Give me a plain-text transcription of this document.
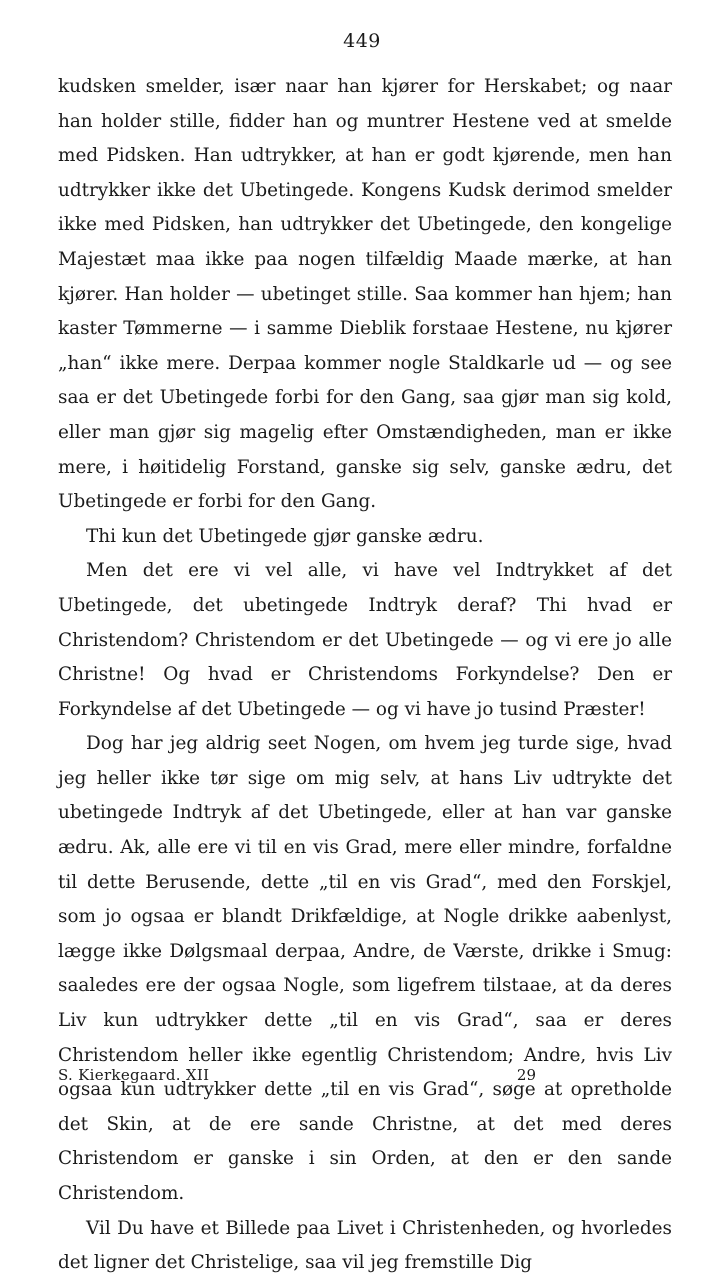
449

kudsken smelder, især naar han kjører for Herskabet; og naar han holder stille, fidder han og muntrer Hestene ved at smelde med Pidsken. Han udtrykker, at han er godt kjørende, men han udtrykker ikke det Ubetingede. Kongens Kudsk derimod smelder ikke med Pidsken, han udtrykker det Ubetingede, den kongelige Majestæt maa ikke paa nogen tilfældig Maade mærke, at han kjører. Han holder — ubetinget stille. Saa kommer han hjem; han kaster Tømmerne — i samme Dieblik forstaae Hestene, nu kjører „han“ ikke mere. Derpaa kommer nogle Staldkarle ud — og see saa er det Ubetingede forbi for den Gang, saa gjør man sig kold, eller man gjør sig magelig efter Omstændigheden, man er ikke mere, i høitidelig Forstand, ganske sig selv, ganske ædru, det Ubetingede er forbi for den Gang.

Thi kun det Ubetingede gjør ganske ædru.

Men det ere vi vel alle, vi have vel Indtrykket af det Ubetingede, det ubetingede Indtryk deraf? Thi hvad er Christendom? Christendom er det Ubetingede — og vi ere jo alle Christne! Og hvad er Christendoms Forkyndelse? Den er Forkyndelse af det Ubetingede — og vi have jo tusind Præster!

Dog har jeg aldrig seet Nogen, om hvem jeg turde sige, hvad jeg heller ikke tør sige om mig selv, at hans Liv udtrykte det ubetingede Indtryk af det Ubetingede, eller at han var ganske ædru. Ak, alle ere vi til en vis Grad, mere eller mindre, forfaldne til dette Berusende, dette „til en vis Grad“, med den Forskjel, som jo ogsaa er blandt Drikfældige, at Nogle drikke aabenlyst, lægge ikke Dølgsmaal derpaa, Andre, de Værste, drikke i Smug: saaledes ere der ogsaa Nogle, som ligefrem tilstaae, at da deres Liv kun udtrykker dette „til en vis Grad“, saa er deres Christendom heller ikke egentlig Christendom; Andre, hvis Liv ogsaa kun udtrykker dette „til en vis Grad“, søge at opretholde det Skin, at de ere sande Christne, at det med deres Christendom er ganske i sin Orden, at den er den sande Christendom.

Vil Du have et Billede paa Livet i Christenheden, og hvorledes det ligner det Christelige, saa vil jeg fremstille Dig

S. Kierkegaard. XII	29
